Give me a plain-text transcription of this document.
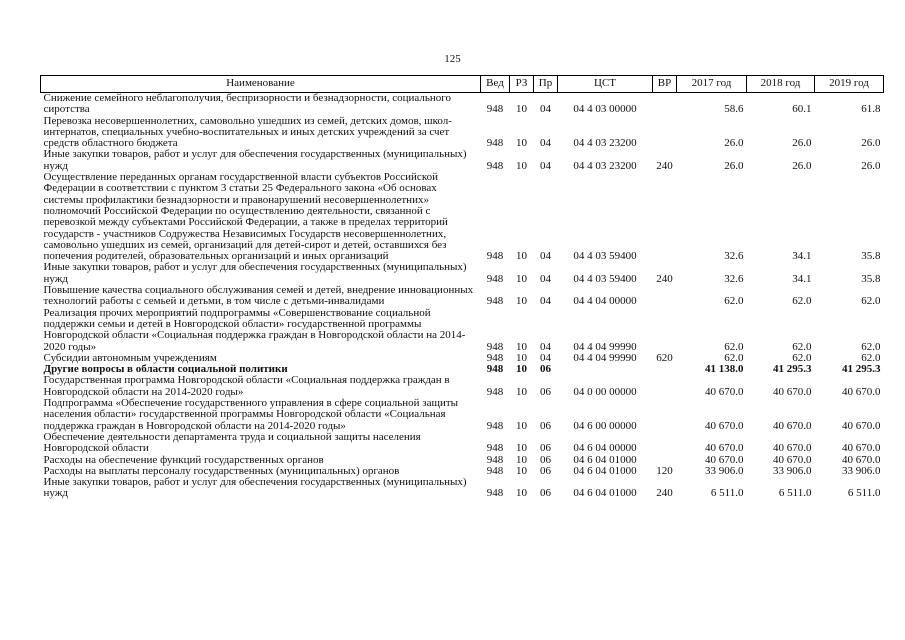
125
Наименование	Вед	РЗ	Пр	ЦСТ	ВР	2017 год	2018 год	2019 год
Снижение семейного неблагополучия, беспризорности и безнадзорности, социального сиротства	948	10	04	04 4 03 00000		58.6	60.1	61.8
Перевозка несовершеннолетних, самовольно ушедших из семей, детских домов, школ-интернатов, специальных учебно-воспитательных и иных детских учреждений за счет средств областного бюджета	948	10	04	04 4 03 23200		26.0	26.0	26.0
Иные закупки товаров, работ и услуг для обеспечения государственных (муниципальных) нужд	948	10	04	04 4 03 23200	240	26.0	26.0	26.0
Осуществление переданных органам государственной власти субъектов Российской Федерации в соответствии с пунктом 3 статьи 25 Федерального закона «Об основах системы профилактики безнадзорности и правонарушений несовершеннолетних» полномочий Российской Федерации по осуществлению деятельности, связанной с перевозкой между субъектами Российской Федерации, а также в пределах территорий государств - участников Содружества Независимых Государств несовершеннолетних, самовольно ушедших из семей, организаций для детей-сирот и детей, оставшихся без попечения родителей, образовательных организаций и иных организаций	948	10	04	04 4 03 59400		32.6	34.1	35.8
Иные закупки товаров, работ и услуг для обеспечения государственных (муниципальных) нужд	948	10	04	04 4 03 59400	240	32.6	34.1	35.8
Повышение качества социального обслуживания семей и детей, внедрение инновационных технологий работы с семьей и детьми, в том числе с детьми-инвалидами	948	10	04	04 4 04 00000		62.0	62.0	62.0
Реализация прочих мероприятий подпрограммы «Совершенствование социальной поддержки семьи и детей в Новгородской области» государственной программы Новгородской области «Социальная поддержка граждан в Новгородской области на 2014-2020 годы»	948	10	04	04 4 04 99990		62.0	62.0	62.0
Субсидии автономным учреждениям	948	10	04	04 4 04 99990	620	62.0	62.0	62.0
Другие вопросы в области социальной политики	948	10	06			41 138.0	41 295.3	41 295.3
Государственная программа Новгородской области «Социальная поддержка граждан в Новгородской области на 2014-2020 годы»	948	10	06	04 0 00 00000		40 670.0	40 670.0	40 670.0
Подпрограмма «Обеспечение государственного управления в сфере социальной защиты населения области» государственной программы Новгородской области «Социальная поддержка граждан в Новгородской области на 2014-2020 годы»	948	10	06	04 6 00 00000		40 670.0	40 670.0	40 670.0
Обеспечение деятельности департамента труда и социальной защиты населения Новгородской области	948	10	06	04 6 04 00000		40 670.0	40 670.0	40 670.0
Расходы на обеспечение функций государственных органов	948	10	06	04 6 04 01000		40 670.0	40 670.0	40 670.0
Расходы на выплаты персоналу государственных (муниципальных) органов	948	10	06	04 6 04 01000	120	33 906.0	33 906.0	33 906.0
Иные закупки товаров, работ и услуг для обеспечения государственных (муниципальных) нужд	948	10	06	04 6 04 01000	240	6 511.0	6 511.0	6 511.0
